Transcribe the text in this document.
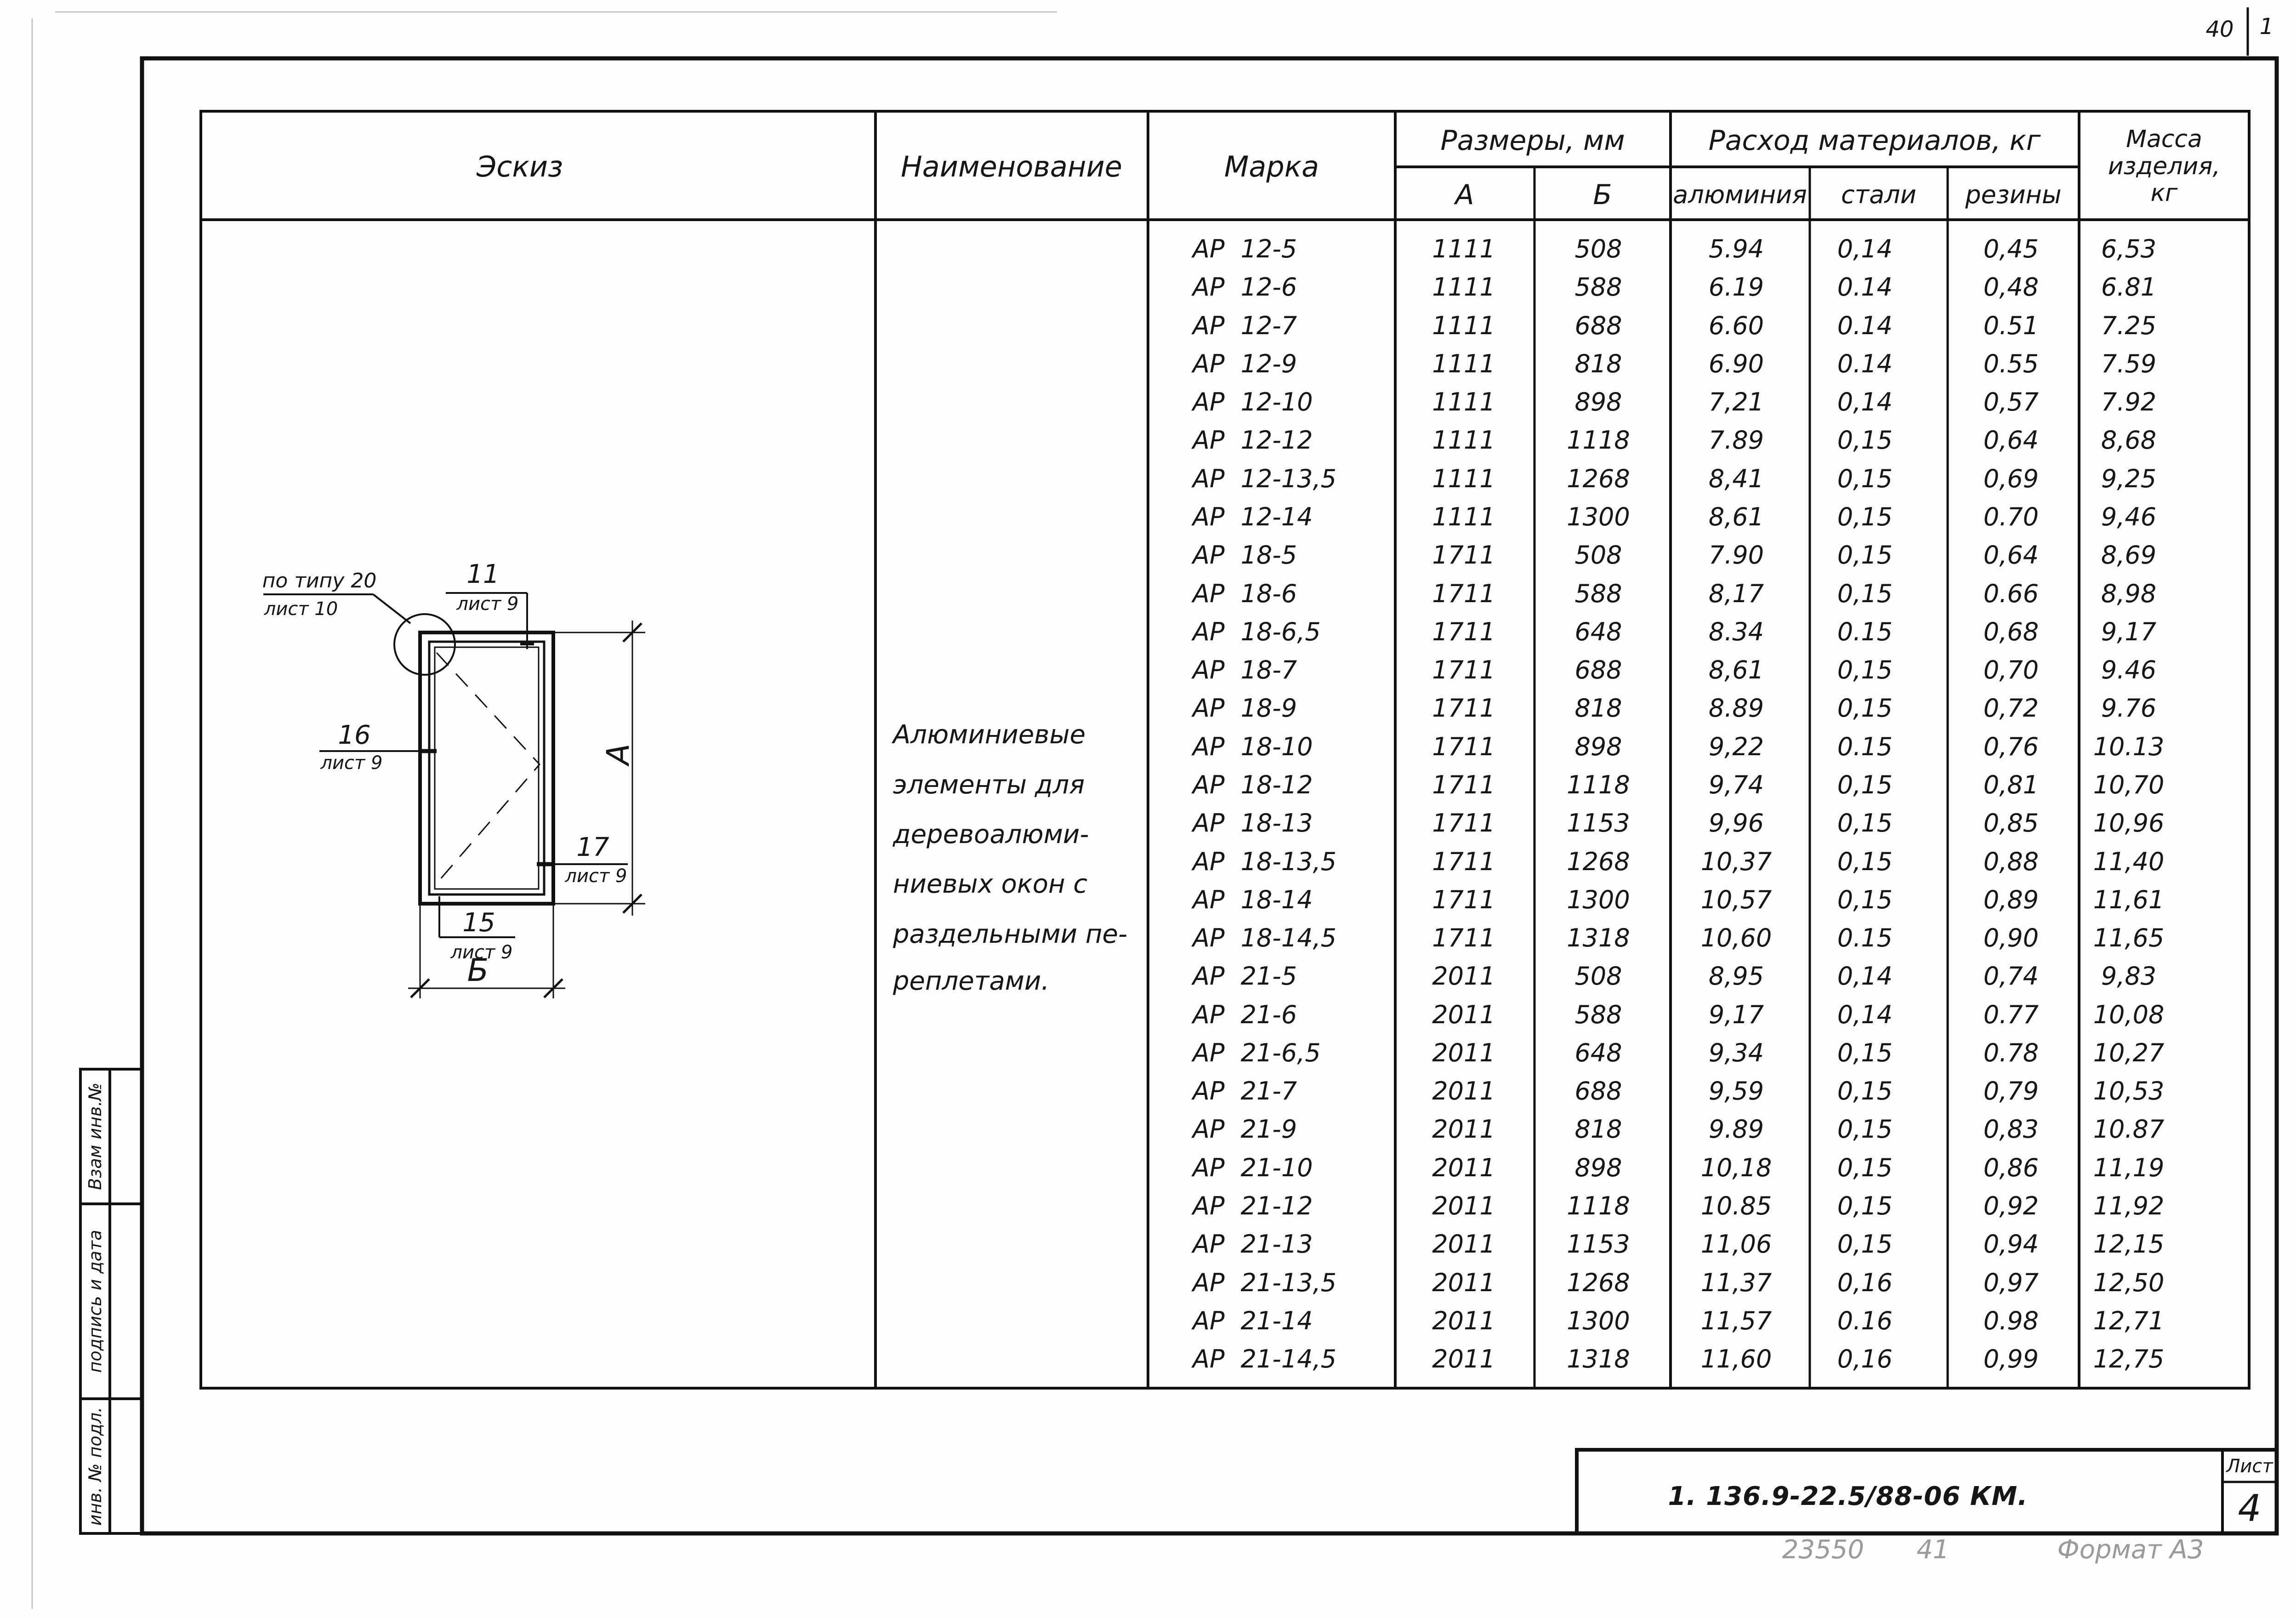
40 1
Эскиз	Наименование	Марка
Размеры, мм
А	Б
Расход материалов, кг
алюминия стали резины
Масса
изделия,
кг
Алюминиевые
элементы для
деревоалюми-
ниевых окон с
раздельными пе-
реплетами.
АР 12-5	1111	508	5.94	0,14	0,45	6,53
АР 12-6	1111	588	6.19	0.14	0,48	6.81
АР 12-7	1111	688	6.60	0.14	0.51	7.25
АР 12-9	1111	818	6.90	0.14	0.55	7.59
АР 12-10	1111	898	7,21	0,14	0,57	7.92
АР 12-12	1111	1118	7.89	0,15	0,64	8,68
АР 12-13,5	1111	1268	8,41	0,15	0,69	9,25
АР 12-14	1111	1300	8,61	0,15	0.70	9,46
АР 18-5	1711	508	7.90	0,15	0,64	8,69
АР 18-6	1711	588	8,17	0,15	0.66	8,98
АР 18-6,5	1711	648	8.34	0.15	0,68	9,17
АР 18-7	1711	688	8,61	0,15	0,70	9.46
АР 18-9	1711	818	8.89	0,15	0,72	9.76
АР 18-10	1711	898	9,22	0.15	0,76 10.13
АР 18-12	1711	1118	9,74	0,15	0,81 10,70
АР 18-13	1711	1153	9,96	0,15	0,85 10,96
АР 18-13,5	1711	1268	10,37	0,15	0,88 11,40
АР 18-14	1711	1300	10,57	0,15	0,89 11,61
АР 18-14,5	1711	1318	10,60	0.15	0,90 11,65
АР 21-5	2011	508	8,95	0,14	0,74	9,83
АР 21-6	2011	588	9,17	0,14	0.77 10,08
АР 21-6,5	2011	648	9,34	0,15	0.78 10,27
АР 21-7	2011	688	9,59	0,15	0,79 10,53
АР 21-9	2011	818	9.89	0,15	0,83 10.87
АР 21-10	2011	898	10,18	0,15	0,86 11,19
АР 21-12	2011	1118	10.85	0,15	0,92 11,92
АР 21-13	2011	1153	11,06	0,15	0,94 12,15
АР 21-13,5	2011	1268	11,37	0,16	0,97 12,50
АР 21-14	2011	1300	11,57	0.16	0.98 12,71
АР 21-14,5	2011	1318	11,60	0,16	0,99 12,75
по типу 20
лист 10
11
лист 9
16
лист 9
17
лист 9
15
лист 9
А
Б
Взам инв.№
подпись и дата
инв. № подл.	1. 136.9-22.5/88-06 КМ.
Лист
4
23550 41	Формат А3
